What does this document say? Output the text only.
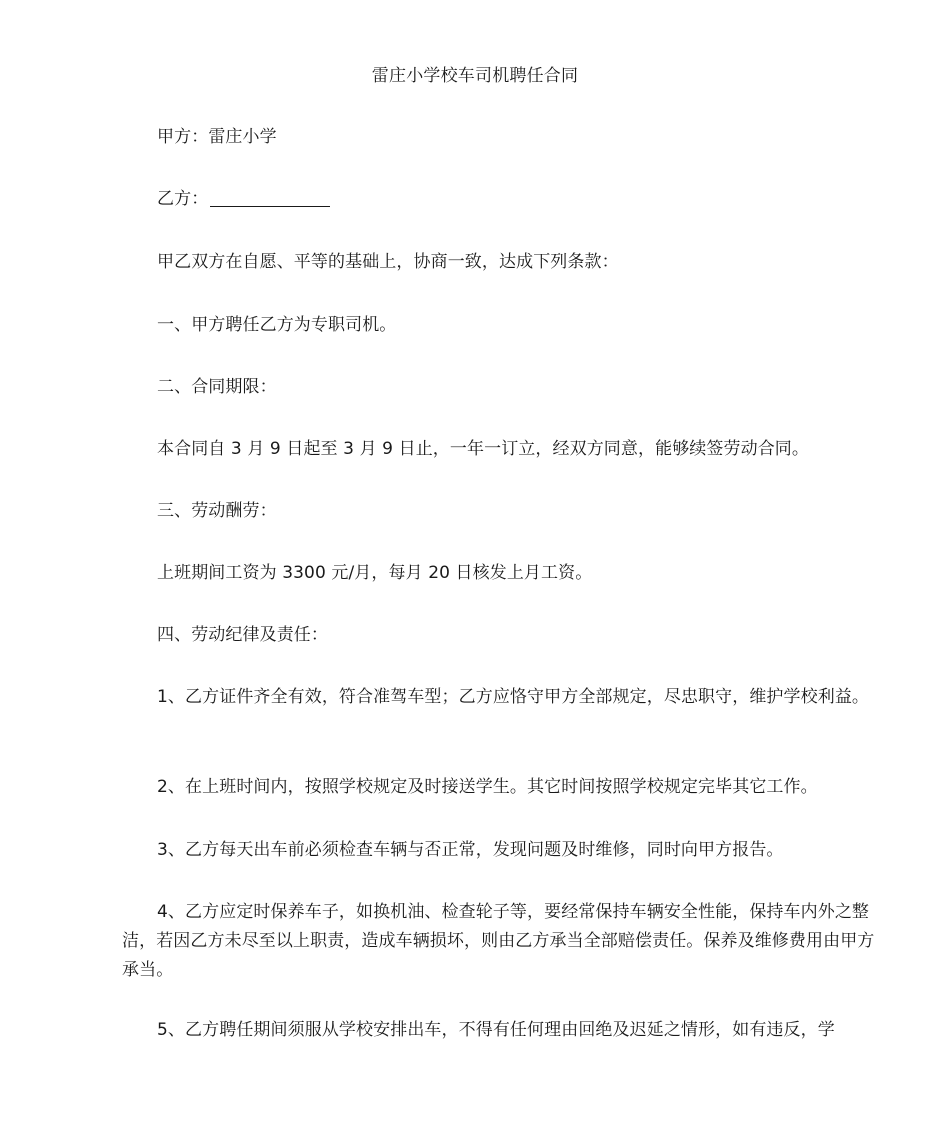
雷庄小学校车司机聘任合同

甲方：雷庄小学

乙方：

甲乙双方在自愿、平等的基础上，协商一致，达成下列条款：

一、甲方聘任乙方为专职司机。

二、合同期限：

本合同自 3 月 9 日起至 3 月 9 日止，一年一订立，经双方同意，能够续签劳动合同。

三、劳动酬劳：

上班期间工资为 3300 元/月，每月 20 日核发上月工资。

四、劳动纪律及责任：

1、乙方证件齐全有效，符合准驾车型；乙方应恪守甲方全部规定，尽忠职守，维护学校利益。

2、在上班时间内，按照学校规定及时接送学生。其它时间按照学校规定完毕其它工作。

3、乙方每天出车前必须检查车辆与否正常，发现问题及时维修，同时向甲方报告。

4、乙方应定时保养车子，如换机油、检查轮子等，要经常保持车辆安全性能，保持车内外之整洁，若因乙方未尽至以上职责，造成车辆损坏，则由乙方承当全部赔偿责任。保养及维修费用由甲方承当。

5、乙方聘任期间须服从学校安排出车，不得有任何理由回绝及迟延之情形，如有违反，学
